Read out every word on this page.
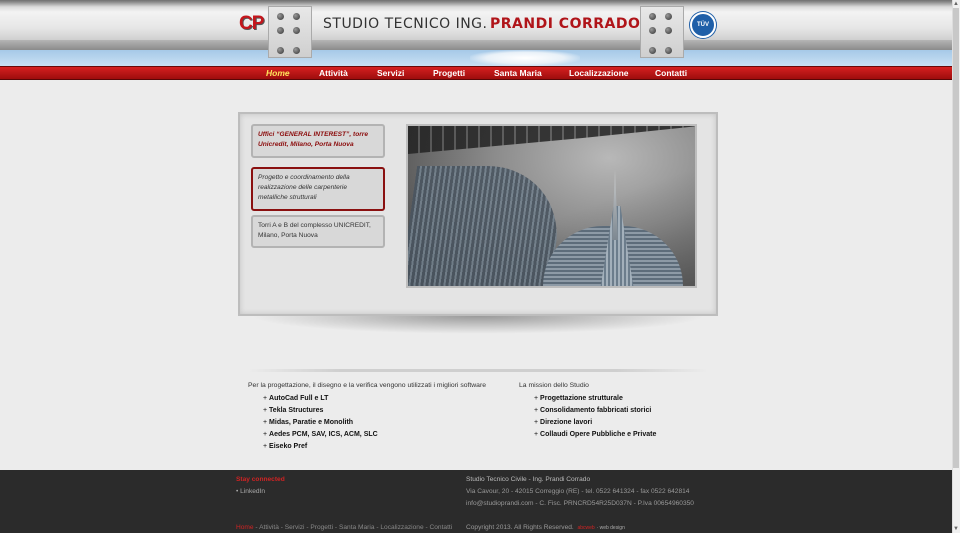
CP	STUDIO TECNICO ING. PRANDI CORRADO	TÜV
Home	Attività	Servizi	Progetti	Santa Maria	Localizzazione	Contatti
Uffici “GENERAL INTEREST”, torre Unicredit, Milano, Porta Nuova
Progetto e coordinamento della realizzazione delle carpenterie metalliche strutturali
Torri A e B del complesso UNICREDIT, Milano, Porta Nuova
Per la progettazione, il disegno e la verifica vengono utilizzati i migliori software
+ AutoCad Full e LT
+ Tekla Structures
+ Midas, Paratie e Monolith
+ Aedes PCM, SAV, ICS, ACM, SLC
+ Eiseko Pref
La mission dello Studio
+ Progettazione strutturale
+ Consolidamento fabbricati storici
+ Direzione lavori
+ Collaudi Opere Pubbliche e Private
Stay connected
• LinkedIn
Studio Tecnico Civile - Ing. Prandi Corrado
Via Cavour, 20 - 42015 Correggio (RE) - tel. 0522 641324 - fax 0522 642814
info@studioprandi.com - C. Fisc. PRNCRD54R25D037N - P.Iva 00654960350
Home - Attività - Servizi - Progetti - Santa Maria - Localizzazione - Contatti Copyright 2013. All Rights Reserved. abcweb · web design
▲
▼
